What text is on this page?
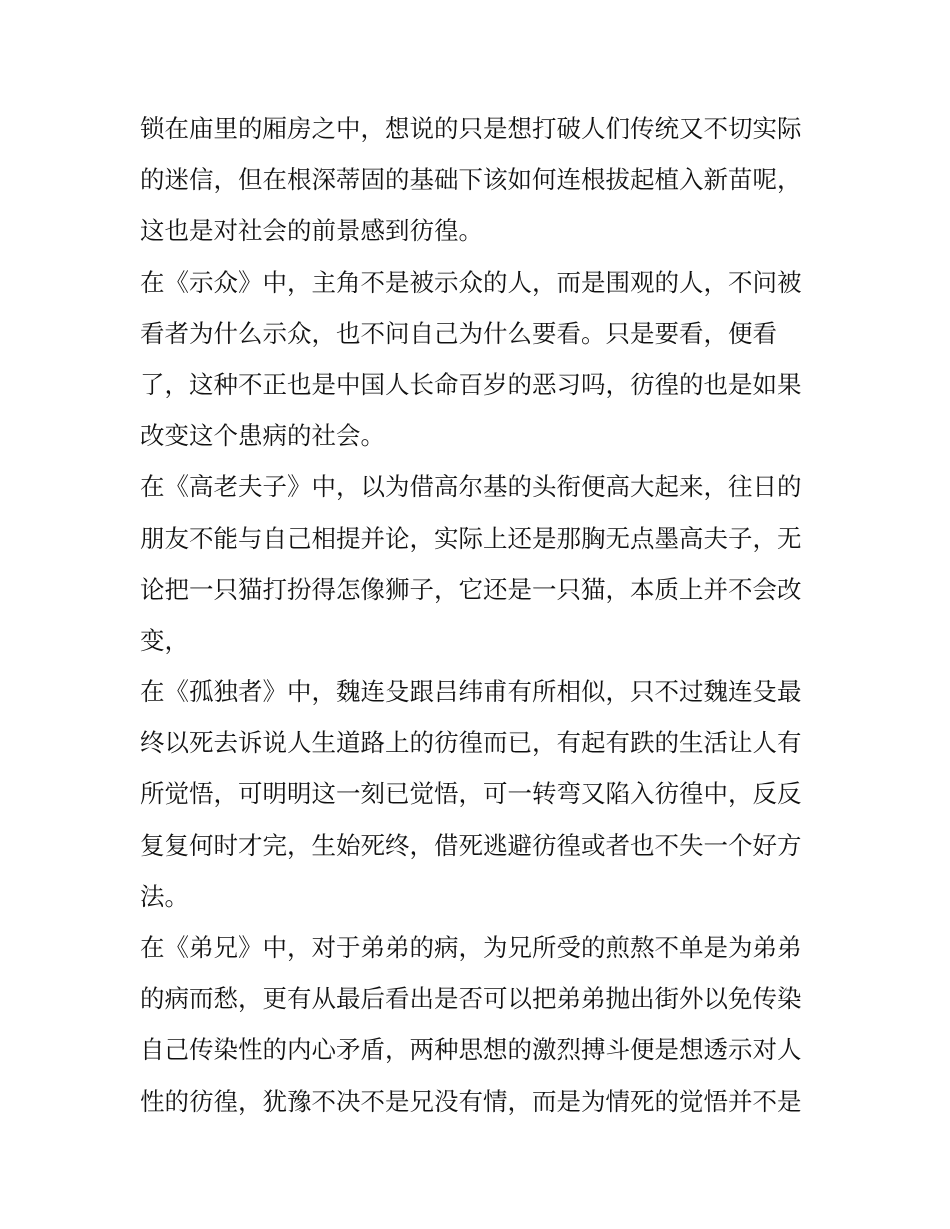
锁在庙里的厢房之中，想说的只是想打破人们传统又不切实际
的迷信，但在根深蒂固的基础下该如何连根拔起植入新苗呢，
这也是对社会的前景感到彷徨。
在《示众》中，主角不是被示众的人，而是围观的人，不问被
看者为什么示众，也不问自己为什么要看。只是要看，便看
了，这种不正也是中国人长命百岁的恶习吗，彷徨的也是如果
改变这个患病的社会。
在《高老夫子》中，以为借高尔基的头衔便高大起来，往日的
朋友不能与自己相提并论，实际上还是那胸无点墨高夫子，无
论把一只猫打扮得怎像狮子，它还是一只猫，本质上并不会改
变，
在《孤独者》中，魏连殳跟吕纬甫有所相似，只不过魏连殳最
终以死去诉说人生道路上的彷徨而已，有起有跌的生活让人有
所觉悟，可明明这一刻已觉悟，可一转弯又陷入彷徨中，反反
复复何时才完，生始死终，借死逃避彷徨或者也不失一个好方
法。
在《弟兄》中，对于弟弟的病，为兄所受的煎熬不单是为弟弟
的病而愁，更有从最后看出是否可以把弟弟抛出街外以免传染
自己传染性的内心矛盾，两种思想的激烈搏斗便是想透示对人
性的彷徨，犹豫不决不是兄没有情，而是为情死的觉悟并不是
